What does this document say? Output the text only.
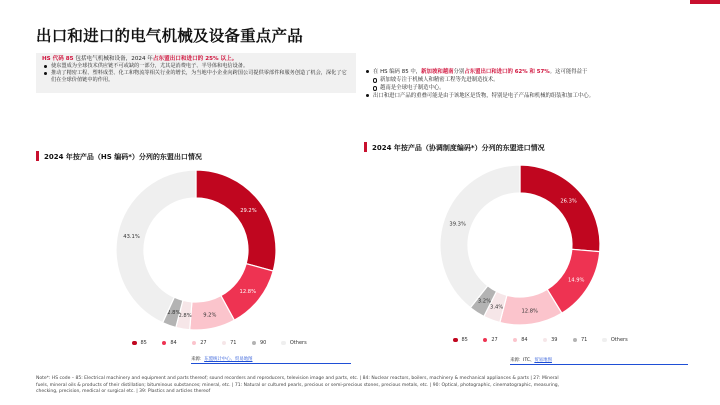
出口和进口的电气机械及设备重点产品
HS 代码 85 包括电气机械和设备，2024 年占东盟出口和进口的 25% 以上。
使东盟成为全球技术供应链不可或缺的一部分，尤其是消费电子、半导体和电信设备。
推动了精密工程、塑料成型、化工和物流等相关行业的增长，为当地中小企业向跨国公司提供零部件和服务创造了机会，深化了它们在全球价值链中的作用。
在 HS 编码 85 中，新加坡和越南分别占东盟出口和进口的 62% 和 57%。这可能得益于
新加坡专注于机械人和精密工程等先进制造技术。
越南是全球电子制造中心。
出口和进口产品的重叠可能是由于该地区是货物，特别是电子产品和机械的组装和加工中心。
2024 年按产品（HS 编码*）分列的东盟出口情况
29.2%
12.8%
9.2%
2.8%
2.8%
43.1%
85	84	27	71	90	Others
来源：东盟统计中心、贸易地图
2024 年按产品（协调制度编码*）分列的东盟进口情况
26.3%
14.9%
12.8%
3.4%
3.2%
39.3%
85	27	84	39	71	Others
来源：ITC、贸易地图
Note*: HS code – 85: Electrical machinery and equipment and parts thereof; sound recorders and reproducers, television image and parts, etc. | 84: Nuclear reactors, boilers, machinery & mechanical appliances & parts | 27: Mineral fuels, mineral oils & products of their distillation; bituminous substances; mineral, etc. | 71: Natural or cultured pearls, precious or semi-precious stones, precious metals, etc. | 90: Optical, photographic, cinematographic, measuring, checking, precision, medical or surgical etc. | 39: Plastics and articles thereof
